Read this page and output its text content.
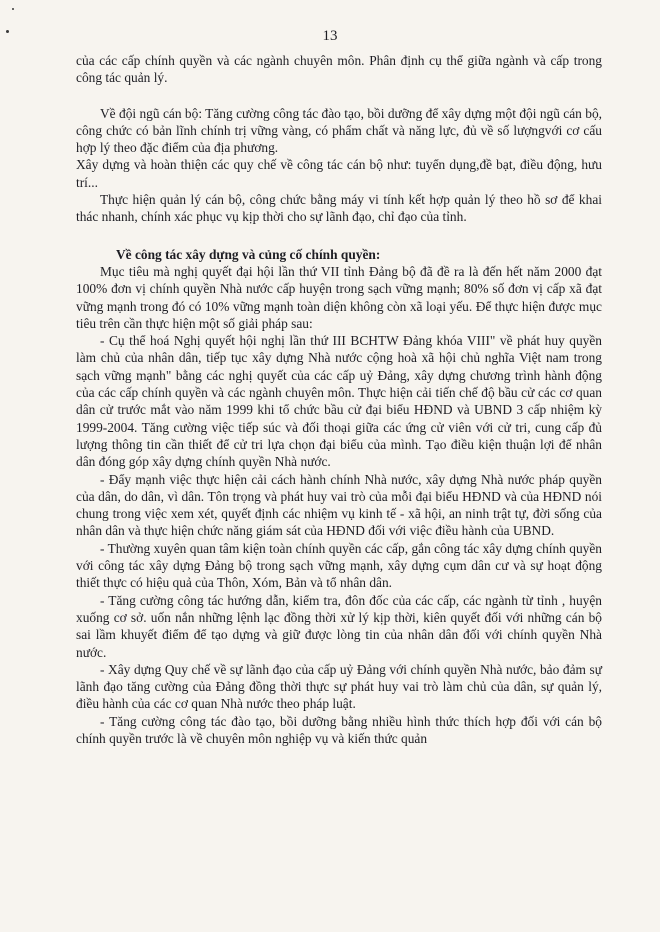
13

của các cấp chính quyền và các ngành chuyên môn. Phân định cụ thể giữa ngành và cấp trong công tác quản lý.

Về đội ngũ cán bộ: Tăng cường công tác đào tạo, bồi dưỡng để xây dựng một đội ngũ cán bộ, công chức có bản lĩnh chính trị vững vàng, có phẩm chất và năng lực, đủ về số lượngvới cơ cấu hợp lý theo đặc điểm của địa phương.

Xây dựng và hoàn thiện các quy chế về công tác cán bộ như: tuyển dụng,đề bạt, điều động, hưu trí...

Thực hiện quản lý cán bộ, công chức bằng máy vi tính kết hợp quản lý theo hồ sơ để khai thác nhanh, chính xác phục vụ kịp thời cho sự lãnh đạo, chỉ đạo của tỉnh.

Về công tác xây dựng và củng cố chính quyền:

Mục tiêu mà nghị quyết đại hội lần thứ VII tỉnh Đảng bộ đã đề ra là đến hết năm 2000 đạt 100% đơn vị chính quyền Nhà nước cấp huyện trong sạch vững mạnh; 80% số đơn vị cấp xã đạt vững mạnh trong đó có 10% vững mạnh toàn diện không còn xã loại yếu. Để thực hiện được mục tiêu trên cần thực hiện một số giải pháp sau:

- Cụ thể hoá Nghị quyết hội nghị lần thứ III BCHTW Đảng khóa VIII" về phát huy quyền làm chủ của nhân dân, tiếp tục xây dựng Nhà nước cộng hoà xã hội chủ nghĩa Việt nam trong sạch vững mạnh" bằng các nghị quyết của các cấp uỷ Đảng, xây dựng chương trình hành động của các cấp chính quyền và các ngành chuyên môn. Thực hiện cải tiến chế độ bầu cử các cơ quan dân cử trước mắt vào năm 1999 khi tổ chức bầu cử đại biểu HĐND và UBND 3 cấp nhiệm kỳ 1999-2004. Tăng cường việc tiếp súc và đối thoại giữa các ứng cử viên với cử tri, cung cấp đủ lượng thông tin cần thiết để cử tri lựa chọn đại biểu của mình. Tạo điều kiện thuận lợi để nhân dân đóng góp xây dựng chính quyền Nhà nước.

- Đẩy mạnh việc thực hiện cải cách hành chính Nhà nước, xây dựng Nhà nước pháp quyền của dân, do dân, vì dân. Tôn trọng và phát huy vai trò của mỗi đại biểu HĐND và của HĐND nói chung trong việc xem xét, quyết định các nhiệm vụ kinh tế - xã hội, an ninh trật tự, đời sống của nhân dân và thực hiện chức năng giám sát của HĐND đối với việc điều hành của UBND.

- Thường xuyên quan tâm kiện toàn chính quyền các cấp, gắn công tác xây dựng chính quyền với công tác xây dựng Đảng bộ trong sạch vững mạnh, xây dựng cụm dân cư và sự hoạt động thiết thực có hiệu quả của Thôn, Xóm, Bản và tổ nhân dân.

- Tăng cường công tác hướng dẫn, kiểm tra, đôn đốc của các cấp, các ngành từ tỉnh , huyện xuống cơ sở. uốn nắn những lệnh lạc đồng thời xử lý kịp thời, kiên quyết đối với những cán bộ sai lầm khuyết điểm để tạo dựng và giữ được lòng tin của nhân dân đối với chính quyền Nhà nước.

- Xây dựng Quy chế về sự lãnh đạo của cấp uỷ Đảng với chính quyền Nhà nước, bảo đảm sự lãnh đạo tăng cường của Đảng đồng thời thực sự phát huy vai trò làm chủ của dân, sự quản lý, điều hành của các cơ quan Nhà nước theo pháp luật.

- Tăng cường công tác đào tạo, bồi dưỡng bằng nhiều hình thức thích hợp đối với cán bộ chính quyền trước là về chuyên môn nghiệp vụ và kiến thức quản
